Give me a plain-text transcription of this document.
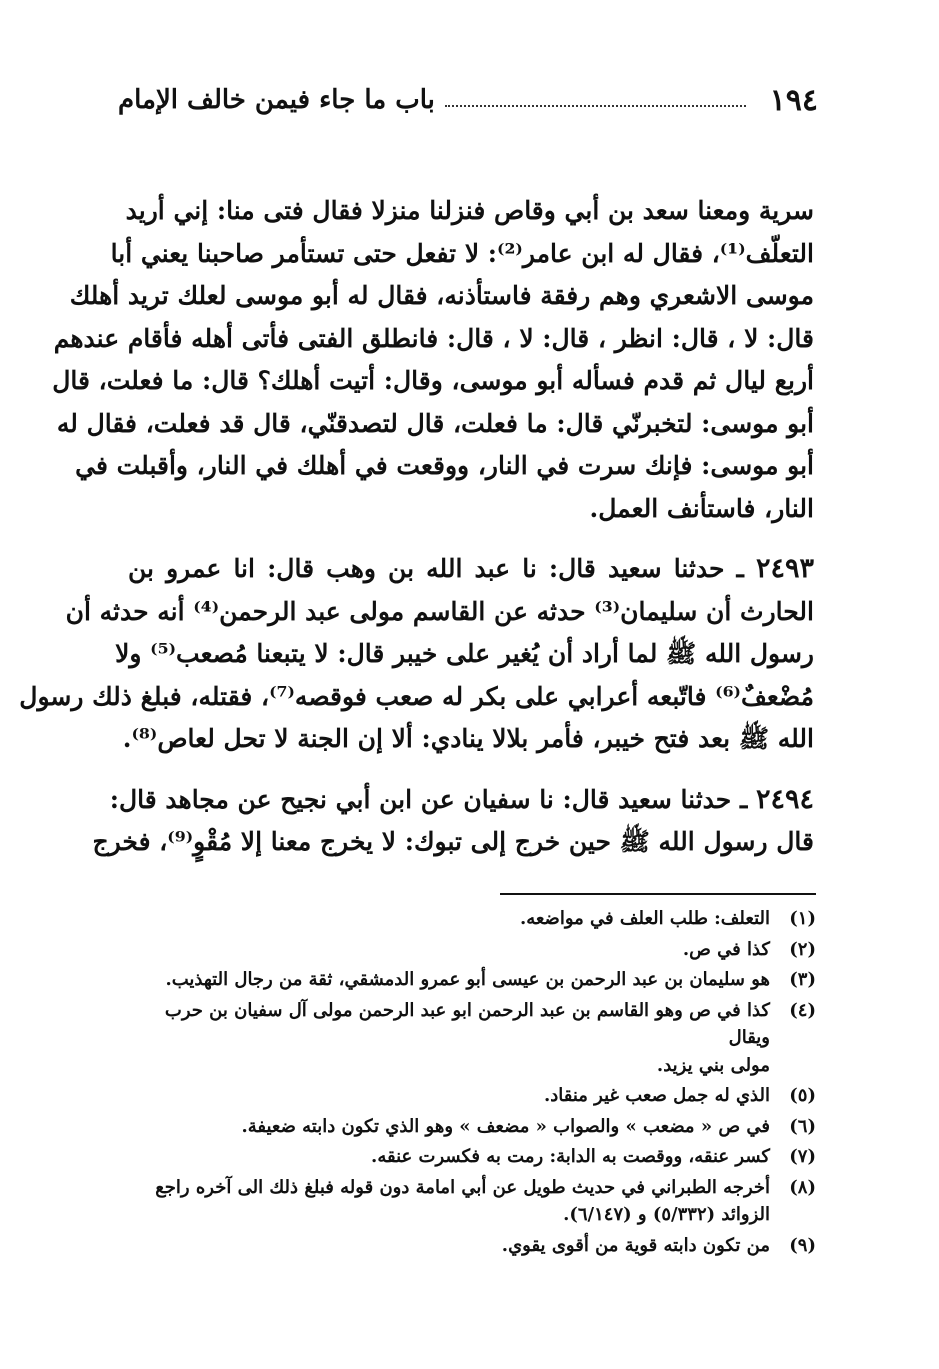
١٩٤
باب ما جاء فيمن خالف الإمام
سرية ومعنا سعد بن أبي وقاص فنزلنا منزلا فقال فتى منا: إني أريد
التعلّف⁽¹⁾، فقال له ابن عامر⁽²⁾: لا تفعل حتى تستأمر صاحبنا يعني أبا
موسى الاشعري وهم رفقة فاستأذنه، فقال له أبو موسى لعلك تريد أهلك
قال: لا ، قال: انظر ، قال: لا ، قال: فانطلق الفتى فأتى أهله فأقام عندهم
أربع ليال ثم قدم فسأله أبو موسى، وقال: أتيت أهلك؟ قال: ما فعلت، قال
أبو موسى: لتخبرنّي قال: ما فعلت، قال لتصدقنّي، قال قد فعلت، فقال له
أبو موسى: فإنك سرت في النار، ووقعت في أهلك في النار، وأقبلت في
النار، فاستأنف العمل.
٢٤٩٣ ـ حدثنا سعيد قال: نا عبد الله بن وهب قال: انا عمرو بن
الحارث أن سليمان⁽³⁾ حدثه عن القاسم مولى عبد الرحمن⁽⁴⁾ أنه حدثه أن
رسول الله ﷺ لما أراد أن يُغير على خيبر قال: لا يتبعنا مُصعب⁽⁵⁾ ولا
مُضْعفٌ⁽⁶⁾ فاتّبعه أعرابي على بكر له صعب فوقصه⁽⁷⁾، فقتله، فبلغ ذلك رسول
الله ﷺ بعد فتح خيبر، فأمر بلالا ينادي: ألا إن الجنة لا تحل لعاص⁽⁸⁾.
٢٤٩٤ ـ حدثنا سعيد قال: نا سفيان عن ابن أبي نجيح عن مجاهد قال:
قال رسول الله ﷺ حين خرج إلى تبوك: لا يخرج معنا إلا مُقْوٍ⁽⁹⁾، فخرج
(١)
التعلف: طلب العلف في مواضعه.
(٢)
كذا في ص.
(٣)
هو سليمان بن عبد الرحمن بن عيسى أبو عمرو الدمشقي، ثقة من رجال التهذيب.
(٤)
كذا في ص وهو القاسم بن عبد الرحمن ابو عبد الرحمن مولى آل سفيان بن حرب ويقال
مولى بني يزيد.
(٥)
الذي له جمل صعب غير منقاد.
(٦)
في ص « مضعب » والصواب « مضعف » وهو الذي تكون دابته ضعيفة.
(٧)
كسر عنقه، ووقصت به الدابة: رمت به فكسرت عنقه.
(٨)
أخرجه الطبراني في حديث طويل عن أبي امامة دون قوله فبلغ ذلك الى آخره راجع
الزوائد (٥/٣٣٢) و (٦/١٤٧).
(٩)
من تكون دابته قوية من أقوى يقوي.
